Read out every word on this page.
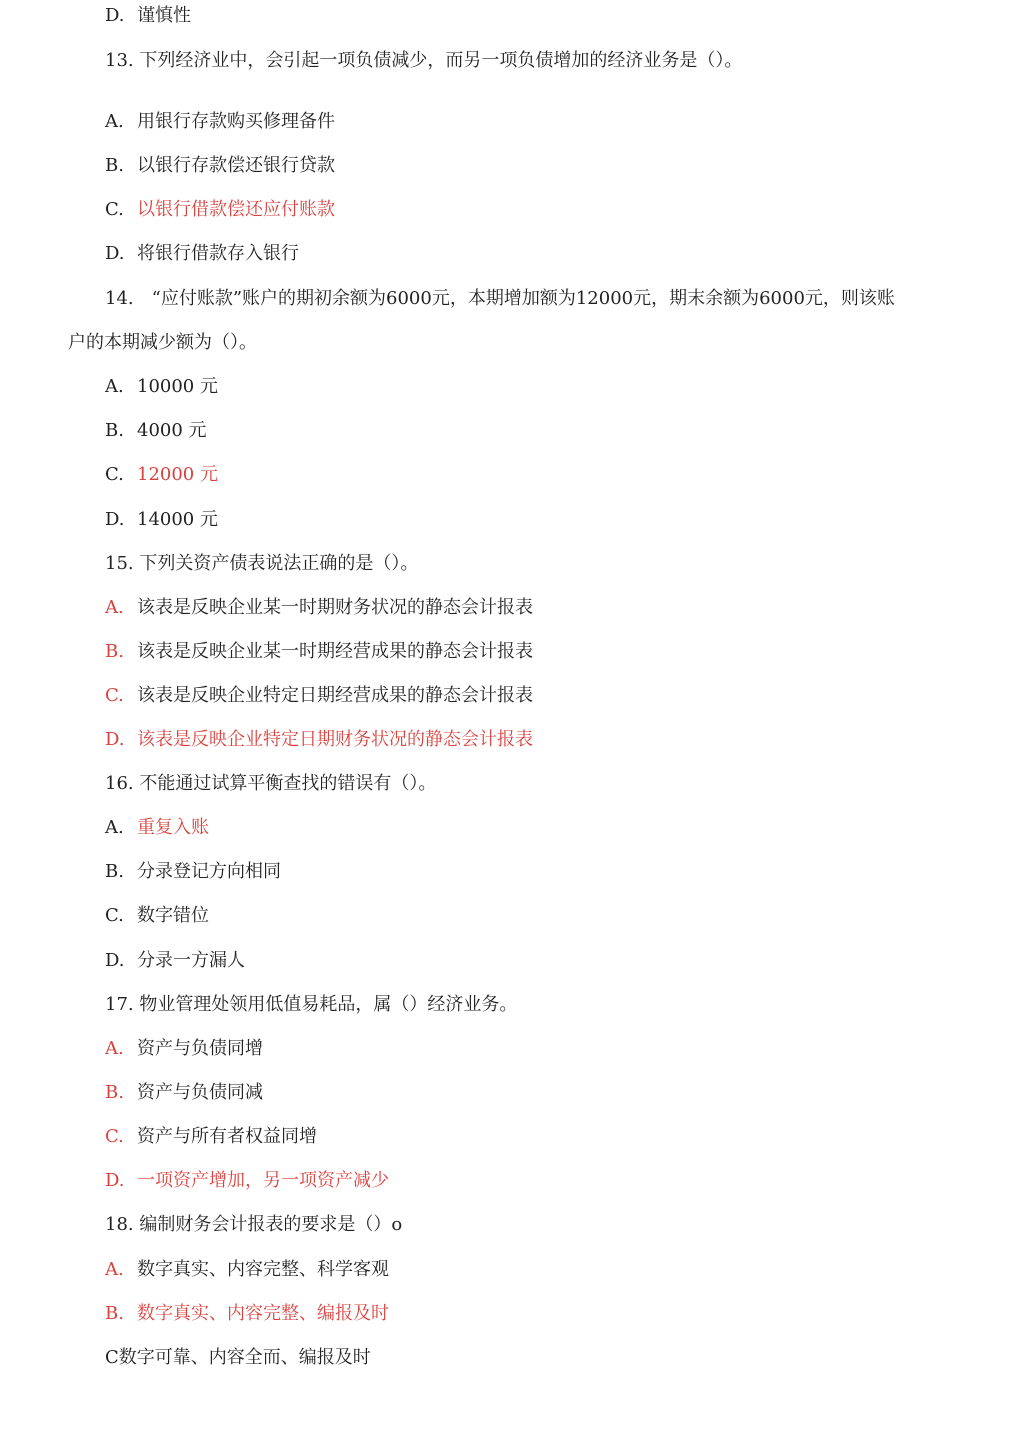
D. 谨慎性
13. 下列经济业中，会引起一项负债减少，而另一项负债增加的经济业务是（）。
A. 用银行存款购买修理备件
B. 以银行存款偿还银行贷款
C. 以银行借款偿还应付账款
D. 将银行借款存入银行
14.　“应付账款”账户的期初余额为6000元，本期增加额为12000元，期末余额为6000元，则该账
户的本期减少额为（）。
A. 10000 元
B. 4000 元
C. 12000 元
D. 14000 元
15. 下列关资产债表说法正确的是（）。
A. 该表是反映企业某一时期财务状况的静态会计报表
B. 该表是反映企业某一时期经营成果的静态会计报表
C. 该表是反映企业特定日期经营成果的静态会计报表
D. 该表是反映企业特定日期财务状况的静态会计报表
16. 不能通过试算平衡查找的错误有（）。
A. 重复入账
B. 分录登记方向相同
C. 数字错位
D. 分录一方漏人
17. 物业管理处领用低值易耗品，属（）经济业务。
A. 资产与负债同增
B. 资产与负债同减
C. 资产与所有者权益同增
D. 一项资产增加，另一项资产减少
18. 编制财务会计报表的要求是（）o
A. 数字真实、内容完整、科学客观
B. 数字真实、内容完整、编报及时
C数字可靠、内容全而、编报及时
